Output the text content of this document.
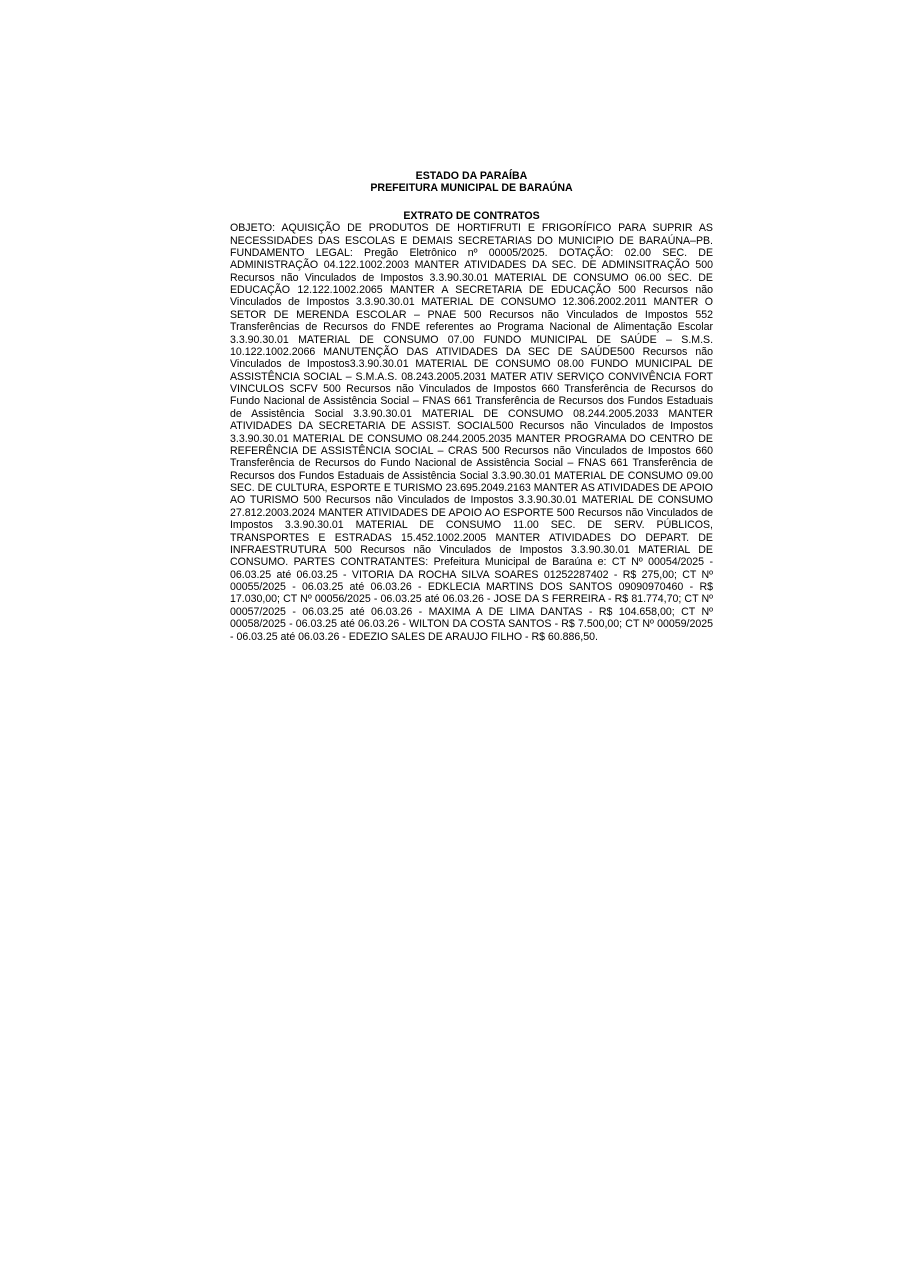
ESTADO DA PARAÍBA

PREFEITURA MUNICIPAL DE BARAÚNA

EXTRATO DE CONTRATOS

OBJETO: AQUISIÇÃO DE PRODUTOS DE HORTIFRUTI E FRIGORÍFICO PARA SUPRIR AS NECESSIDADES DAS ESCOLAS E DEMAIS SECRETARIAS DO MUNICIPIO DE BARAÚNA–PB. FUNDAMENTO LEGAL: Pregão Eletrônico nº 00005/2025. DOTAÇÃO: 02.00 SEC. DE ADMINISTRAÇÃO 04.122.1002.2003 MANTER ATIVIDADES DA SEC. DE ADMINSITRAÇÃO 500 Recursos não Vinculados de Impostos 3.3.90.30.01 MATERIAL DE CONSUMO 06.00 SEC. DE EDUCAÇÃO 12.122.1002.2065 MANTER A SECRETARIA DE EDUCAÇÃO 500 Recursos não Vinculados de Impostos 3.3.90.30.01 MATERIAL DE CONSUMO 12.306.2002.2011 MANTER O SETOR DE MERENDA ESCOLAR – PNAE 500 Recursos não Vinculados de Impostos 552 Transferências de Recursos do FNDE referentes ao Programa Nacional de Alimentação Escolar 3.3.90.30.01 MATERIAL DE CONSUMO 07.00 FUNDO MUNICIPAL DE SAÚDE – S.M.S. 10.122.1002.2066 MANUTENÇÃO DAS ATIVIDADES DA SEC DE SAÚDE500 Recursos não Vinculados de Impostos3.3.90.30.01 MATERIAL DE CONSUMO 08.00 FUNDO MUNICIPAL DE ASSISTÊNCIA SOCIAL – S.M.A.S. 08.243.2005.2031 MATER ATIV SERVIÇO CONVIVÊNCIA FORT VINCULOS SCFV 500 Recursos não Vinculados de Impostos 660 Transferência de Recursos do Fundo Nacional de Assistência Social – FNAS 661 Transferência de Recursos dos Fundos Estaduais de Assistência Social 3.3.90.30.01 MATERIAL DE CONSUMO 08.244.2005.2033 MANTER ATIVIDADES DA SECRETARIA DE ASSIST. SOCIAL500 Recursos não Vinculados de Impostos 3.3.90.30.01 MATERIAL DE CONSUMO 08.244.2005.2035 MANTER PROGRAMA DO CENTRO DE REFERÊNCIA DE ASSISTÊNCIA SOCIAL – CRAS 500 Recursos não Vinculados de Impostos 660 Transferência de Recursos do Fundo Nacional de Assistência Social – FNAS 661 Transferência de Recursos dos Fundos Estaduais de Assistência Social 3.3.90.30.01 MATERIAL DE CONSUMO 09.00 SEC. DE CULTURA, ESPORTE E TURISMO 23.695.2049.2163 MANTER AS ATIVIDADES DE APOIO AO TURISMO 500 Recursos não Vinculados de Impostos 3.3.90.30.01 MATERIAL DE CONSUMO 27.812.2003.2024 MANTER ATIVIDADES DE APOIO AO ESPORTE 500 Recursos não Vinculados de Impostos 3.3.90.30.01 MATERIAL DE CONSUMO 11.00 SEC. DE SERV. PÚBLICOS, TRANSPORTES E ESTRADAS 15.452.1002.2005 MANTER ATIVIDADES DO DEPART. DE INFRAESTRUTURA 500 Recursos não Vinculados de Impostos 3.3.90.30.01 MATERIAL DE CONSUMO. PARTES CONTRATANTES: Prefeitura Municipal de Baraúna e: CT Nº 00054/2025 - 06.03.25 até 06.03.25 - VITORIA DA ROCHA SILVA SOARES 01252287402 - R$ 275,00; CT Nº 00055/2025 - 06.03.25 até 06.03.26 - EDKLECIA MARTINS DOS SANTOS 09090970460 - R$ 17.030,00; CT Nº 00056/2025 - 06.03.25 até 06.03.26 - JOSE DA S FERREIRA - R$ 81.774,70; CT Nº 00057/2025 - 06.03.25 até 06.03.26 - MAXIMA A DE LIMA DANTAS - R$ 104.658,00; CT Nº 00058/2025 - 06.03.25 até 06.03.26 - WILTON DA COSTA SANTOS - R$ 7.500,00; CT Nº 00059/2025 - 06.03.25 até 06.03.26 - EDEZIO SALES DE ARAUJO FILHO - R$ 60.886,50.
